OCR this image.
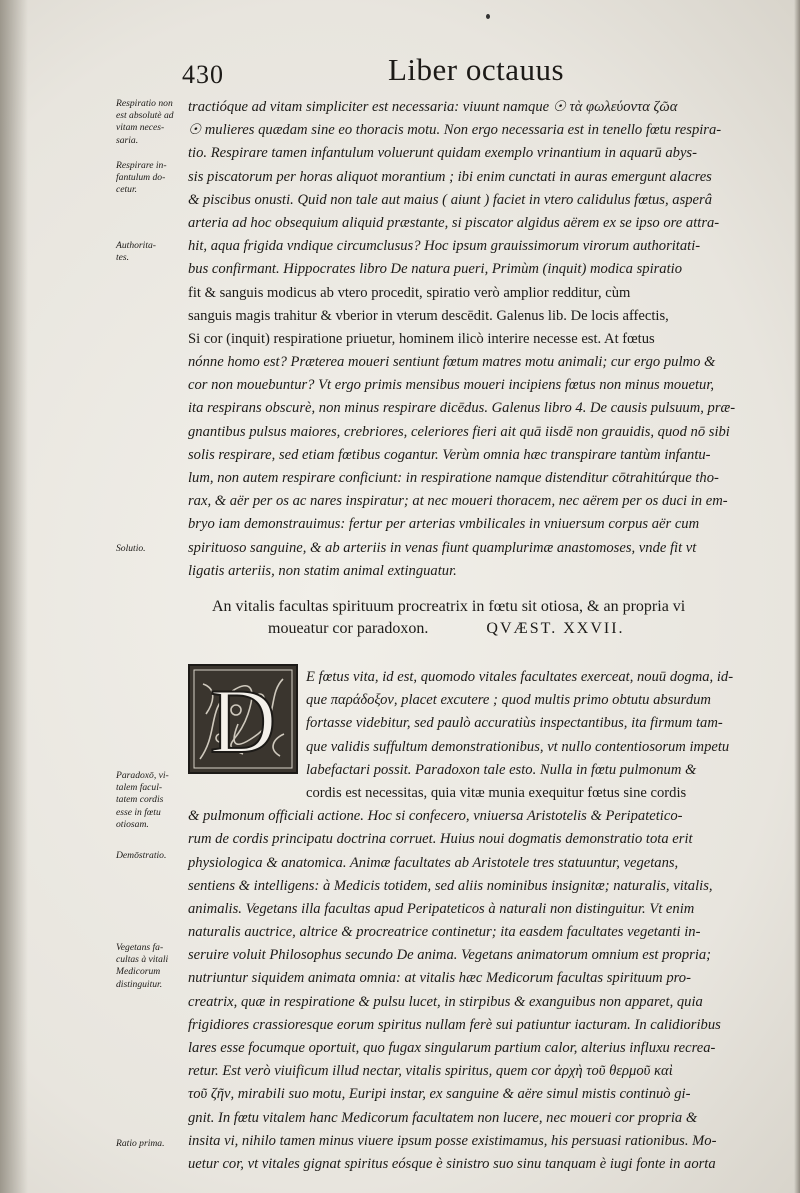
430	Liber octauus
Respiratio non
est absolutè ad
vitam neces-
saria.
Respirare in-
fantulum do-
cetur.
Authorita-
tes.
Solutio.
Paradoxō, vi-
talem facul-
tatem cordis
esse in fœtu
otiosam.
Demōstratio.
Vegetans fa-
cultas à vitali
Medicorum
distinguitur.
Ratio prima.
tractióque ad vitam simpliciter est necessaria: viuunt namque ☉ τὰ φωλεύοντα ζῶα
☉ mulieres quædam sine eo thoracis motu. Non ergo necessaria est in tenello fœtu respira-
tio. Respirare tamen infantulum voluerunt quidam exemplo vrinantium in aquarū abys-
sis piscatorum per horas aliquot morantium ; ibi enim cunctati in auras emergunt alacres
& piscibus onusti. Quid non tale aut maius ( aiunt ) faciet in vtero calidulus fœtus, asperâ
arteria ad hoc obsequium aliquid præstante, si piscator algidus aërem ex se ipso ore attra-
hit, aqua frigida vndique circumclusus? Hoc ipsum grauissimorum virorum authoritati-
bus confirmant. Hippocrates libro De natura pueri, Primùm (inquit) modica spiratio
fit & sanguis modicus ab vtero procedit, spiratio verò amplior redditur, cùm
sanguis magis trahitur & vberior in vterum descēdit. Galenus lib. De locis affectis,
Si cor (inquit) respiratione priuetur, hominem ilicò interire necesse est. At fœtus
nónne homo est? Præterea moueri sentiunt fœtum matres motu animali; cur ergo pulmo &
cor non mouebuntur? Vt ergo primis mensibus moueri incipiens fœtus non minus mouetur,
ita respirans obscurè, non minus respirare dicēdus. Galenus libro 4. De causis pulsuum, præ-
gnantibus pulsus maiores, crebriores, celeriores fieri ait quā iisdē non grauidis, quod nō sibi
solis respirare, sed etiam fœtibus cogantur. Verùm omnia hæc transpirare tantùm infantu-
lum, non autem respirare conficiunt: in respiratione namque distenditur cōtrahitúrque tho-
rax, & aër per os ac nares inspiratur; at nec moueri thoracem, nec aërem per os duci in em-
bryo iam demonstrauimus: fertur per arterias vmbilicales in vniuersum corpus aër cum
spirituoso sanguine, & ab arteriis in venas fiunt quamplurimæ anastomoses, vnde fit vt
ligatis arteriis, non statim animal extinguatur.
An vitalis facultas spirituum procreatrix in fœtu sit otiosa, & an propria vi
moueatur cor paradoxon.	QVÆST. XXVII.
D	E fœtus vita, id est, quomodo vitales facultates exerceat, nouū dogma, id-
que παράδοξον, placet excutere ; quod multis primo obtutu absurdum
fortasse videbitur, sed paulò accuratiùs inspectantibus, ita firmum tam-
que validis suffultum demonstrationibus, vt nullo contentiosorum impetu
labefactari possit. Paradoxon tale esto. Nulla in fœtu pulmonum &
cordis est necessitas, quia vitæ munia exequitur fœtus sine cordis
& pulmonum officiali actione. Hoc si confecero, vniuersa Aristotelis & Peripatetico-
rum de cordis principatu doctrina corruet. Huius noui dogmatis demonstratio tota erit
physiologica & anatomica. Animæ facultates ab Aristotele tres statuuntur, vegetans,
sentiens & intelligens: à Medicis totidem, sed aliis nominibus insignitæ; naturalis, vitalis,
animalis. Vegetans illa facultas apud Peripateticos à naturali non distinguitur. Vt enim
naturalis auctrice, altrice & procreatrice continetur; ita easdem facultates vegetanti in-
seruire voluit Philosophus secundo De anima. Vegetans animatorum omnium est propria;
nutriuntur siquidem animata omnia: at vitalis hæc Medicorum facultas spirituum pro-
creatrix, quæ in respiratione & pulsu lucet, in stirpibus & exanguibus non apparet, quia
frigidiores crassioresque eorum spiritus nullam ferè sui patiuntur iacturam. In calidioribus
lares esse focumque oportuit, quo fugax singularum partium calor, alterius influxu recrea-
retur. Est verò viuificum illud nectar, vitalis spiritus, quem cor ἀρχὴ τοῦ θερμοῦ καὶ
τοῦ ζῆν, mirabili suo motu, Euripi instar, ex sanguine & aëre simul mistis continuò gi-
gnit. In fœtu vitalem hanc Medicorum facultatem non lucere, nec moueri cor propria &
insita vi, nihilo tamen minus viuere ipsum posse existimamus, his persuasi rationibus. Mo-
uetur cor, vt vitales gignat spiritus eósque è sinistro suo sinu tanquam è iugi fonte in aorta
